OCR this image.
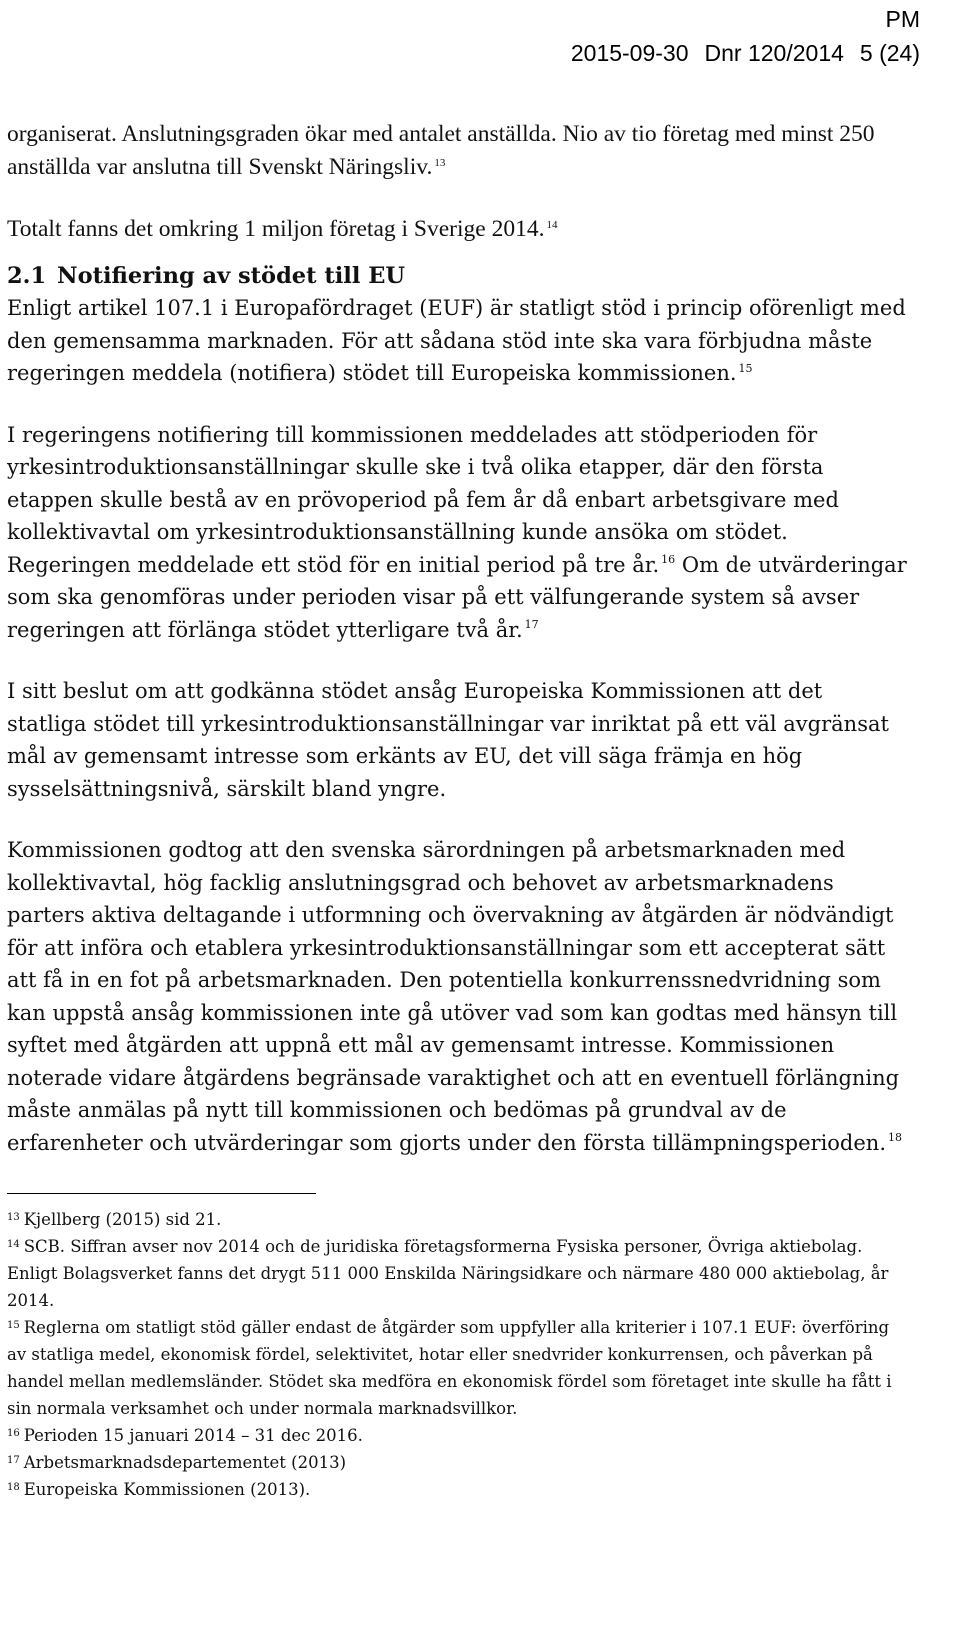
PM
2015-09-30 Dnr 120/2014 5 (24)

organiserat. Anslutningsgraden ökar med antalet anställda. Nio av tio företag med minst 250 anställda var anslutna till Svenskt Näringsliv. $^{13}$

Totalt fanns det omkring 1 miljon företag i Sverige 2014. $^{14}$

2.1 Notifiering av stödet till EU

Enligt artikel 107.1 i Europafördraget (EUF) är statligt stöd i princip oförenligt med den gemensamma marknaden. För att sådana stöd inte ska vara förbjudna måste regeringen meddela (notifiera) stödet till Europeiska kommissionen. $^{15}$

I regeringens notifiering till kommissionen meddelades att stödperioden för yrkesintroduktionsanställningar skulle ske i två olika etapper, där den första etappen skulle bestå av en prövoperiod på fem år då enbart arbetsgivare med kollektivavtal om yrkesintroduktionsanställning kunde ansöka om stödet. Regeringen meddelade ett stöd för en initial period på tre år. $^{16}$ Om de utvärderingar som ska genomföras under perioden visar på ett välfungerande system så avser regeringen att förlänga stödet ytterligare två år. $^{17}$

I sitt beslut om att godkänna stödet ansåg Europeiska Kommissionen att det statliga stödet till yrkesintroduktionsanställningar var inriktat på ett väl avgränsat mål av gemensamt intresse som erkänts av EU, det vill säga främja en hög sysselsättningsnivå, särskilt bland yngre.

Kommissionen godtog att den svenska särordningen på arbetsmarknaden med kollektivavtal, hög facklig anslutningsgrad och behovet av arbetsmarknadens parters aktiva deltagande i utformning och övervakning av åtgärden är nödvändigt för att införa och etablera yrkesintroduktionsanställningar som ett accepterat sätt att få in en fot på arbetsmarknaden. Den potentiella konkurrenssnedvridning som kan uppstå ansåg kommissionen inte gå utöver vad som kan godtas med hänsyn till syftet med åtgärden att uppnå ett mål av gemensamt intresse. Kommissionen noterade vidare åtgärdens begränsade varaktighet och att en eventuell förlängning måste anmälas på nytt till kommissionen och bedömas på grundval av de erfarenheter och utvärderingar som gjorts under den första tillämpningsperioden. $^{18}$

$^{13}$ Kjellberg (2015) sid 21.
$^{14}$ SCB. Siffran avser nov 2014 och de juridiska företagsformerna Fysiska personer, Övriga aktiebolag. Enligt Bolagsverket fanns det drygt 511 000 Enskilda Näringsidkare och närmare 480 000 aktiebolag, år 2014.
$^{15}$ Reglerna om statligt stöd gäller endast de åtgärder som uppfyller alla kriterier i 107.1 EUF: överföring av statliga medel, ekonomisk fördel, selektivitet, hotar eller snedvrider konkurrensen, och påverkan på handel mellan medlemsländer. Stödet ska medföra en ekonomisk fördel som företaget inte skulle ha fått i sin normala verksamhet och under normala marknadsvillkor.
$^{16}$ Perioden 15 januari 2014 – 31 dec 2016.
$^{17}$ Arbetsmarknadsdepartementet (2013)
$^{18}$ Europeiska Kommissionen (2013).
